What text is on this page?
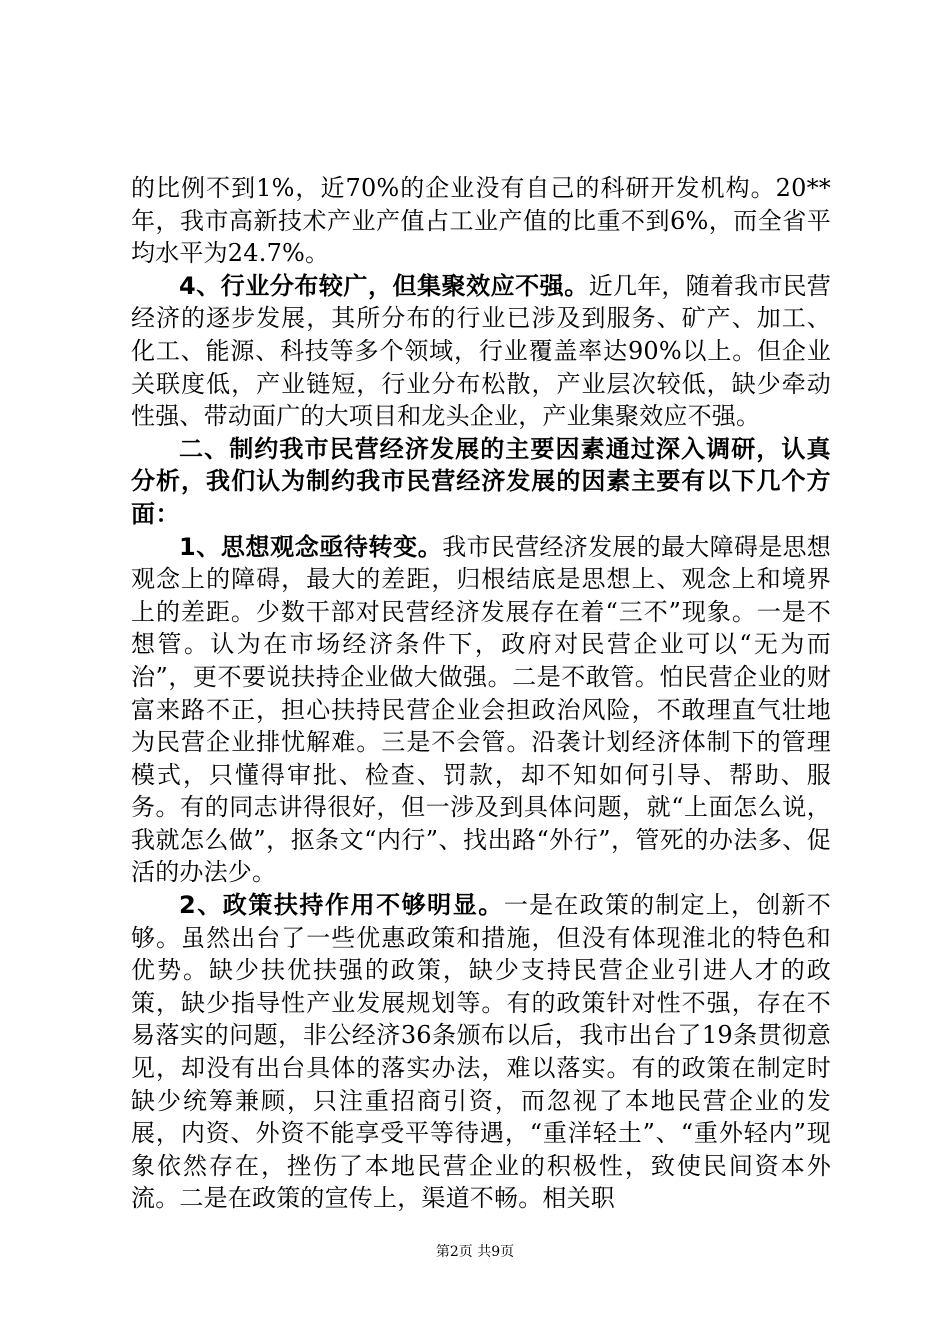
的比例不到1%，近70%的企业没有自己的科研开发机构。20**年，我市高新技术产业产值占工业产值的比重不到6%，而全省平均水平为24.7%。

4、行业分布较广，但集聚效应不强。近几年，随着我市民营经济的逐步发展，其所分布的行业已涉及到服务、矿产、加工、化工、能源、科技等多个领域，行业覆盖率达90%以上。但企业关联度低，产业链短，行业分布松散，产业层次较低，缺少牵动性强、带动面广的大项目和龙头企业，产业集聚效应不强。

二、制约我市民营经济发展的主要因素通过深入调研，认真分析，我们认为制约我市民营经济发展的因素主要有以下几个方面：

1、思想观念亟待转变。我市民营经济发展的最大障碍是思想观念上的障碍，最大的差距，归根结底是思想上、观念上和境界上的差距。少数干部对民营经济发展存在着“三不”现象。一是不想管。认为在市场经济条件下，政府对民营企业可以“无为而治”，更不要说扶持企业做大做强。二是不敢管。怕民营企业的财富来路不正，担心扶持民营企业会担政治风险，不敢理直气壮地为民营企业排忧解难。三是不会管。沿袭计划经济体制下的管理模式，只懂得审批、检查、罚款，却不知如何引导、帮助、服务。有的同志讲得很好，但一涉及到具体问题，就“上面怎么说，我就怎么做”，抠条文“内行”、找出路“外行”，管死的办法多、促活的办法少。

2、政策扶持作用不够明显。一是在政策的制定上，创新不够。虽然出台了一些优惠政策和措施，但没有体现淮北的特色和优势。缺少扶优扶强的政策，缺少支持民营企业引进人才的政策，缺少指导性产业发展规划等。有的政策针对性不强，存在不易落实的问题，非公经济36条颁布以后，我市出台了19条贯彻意见，却没有出台具体的落实办法，难以落实。有的政策在制定时缺少统筹兼顾，只注重招商引资，而忽视了本地民营企业的发展，内资、外资不能享受平等待遇，“重洋轻土”、“重外轻内”现象依然存在，挫伤了本地民营企业的积极性，致使民间资本外流。二是在政策的宣传上，渠道不畅。相关职

第2页 共9页
